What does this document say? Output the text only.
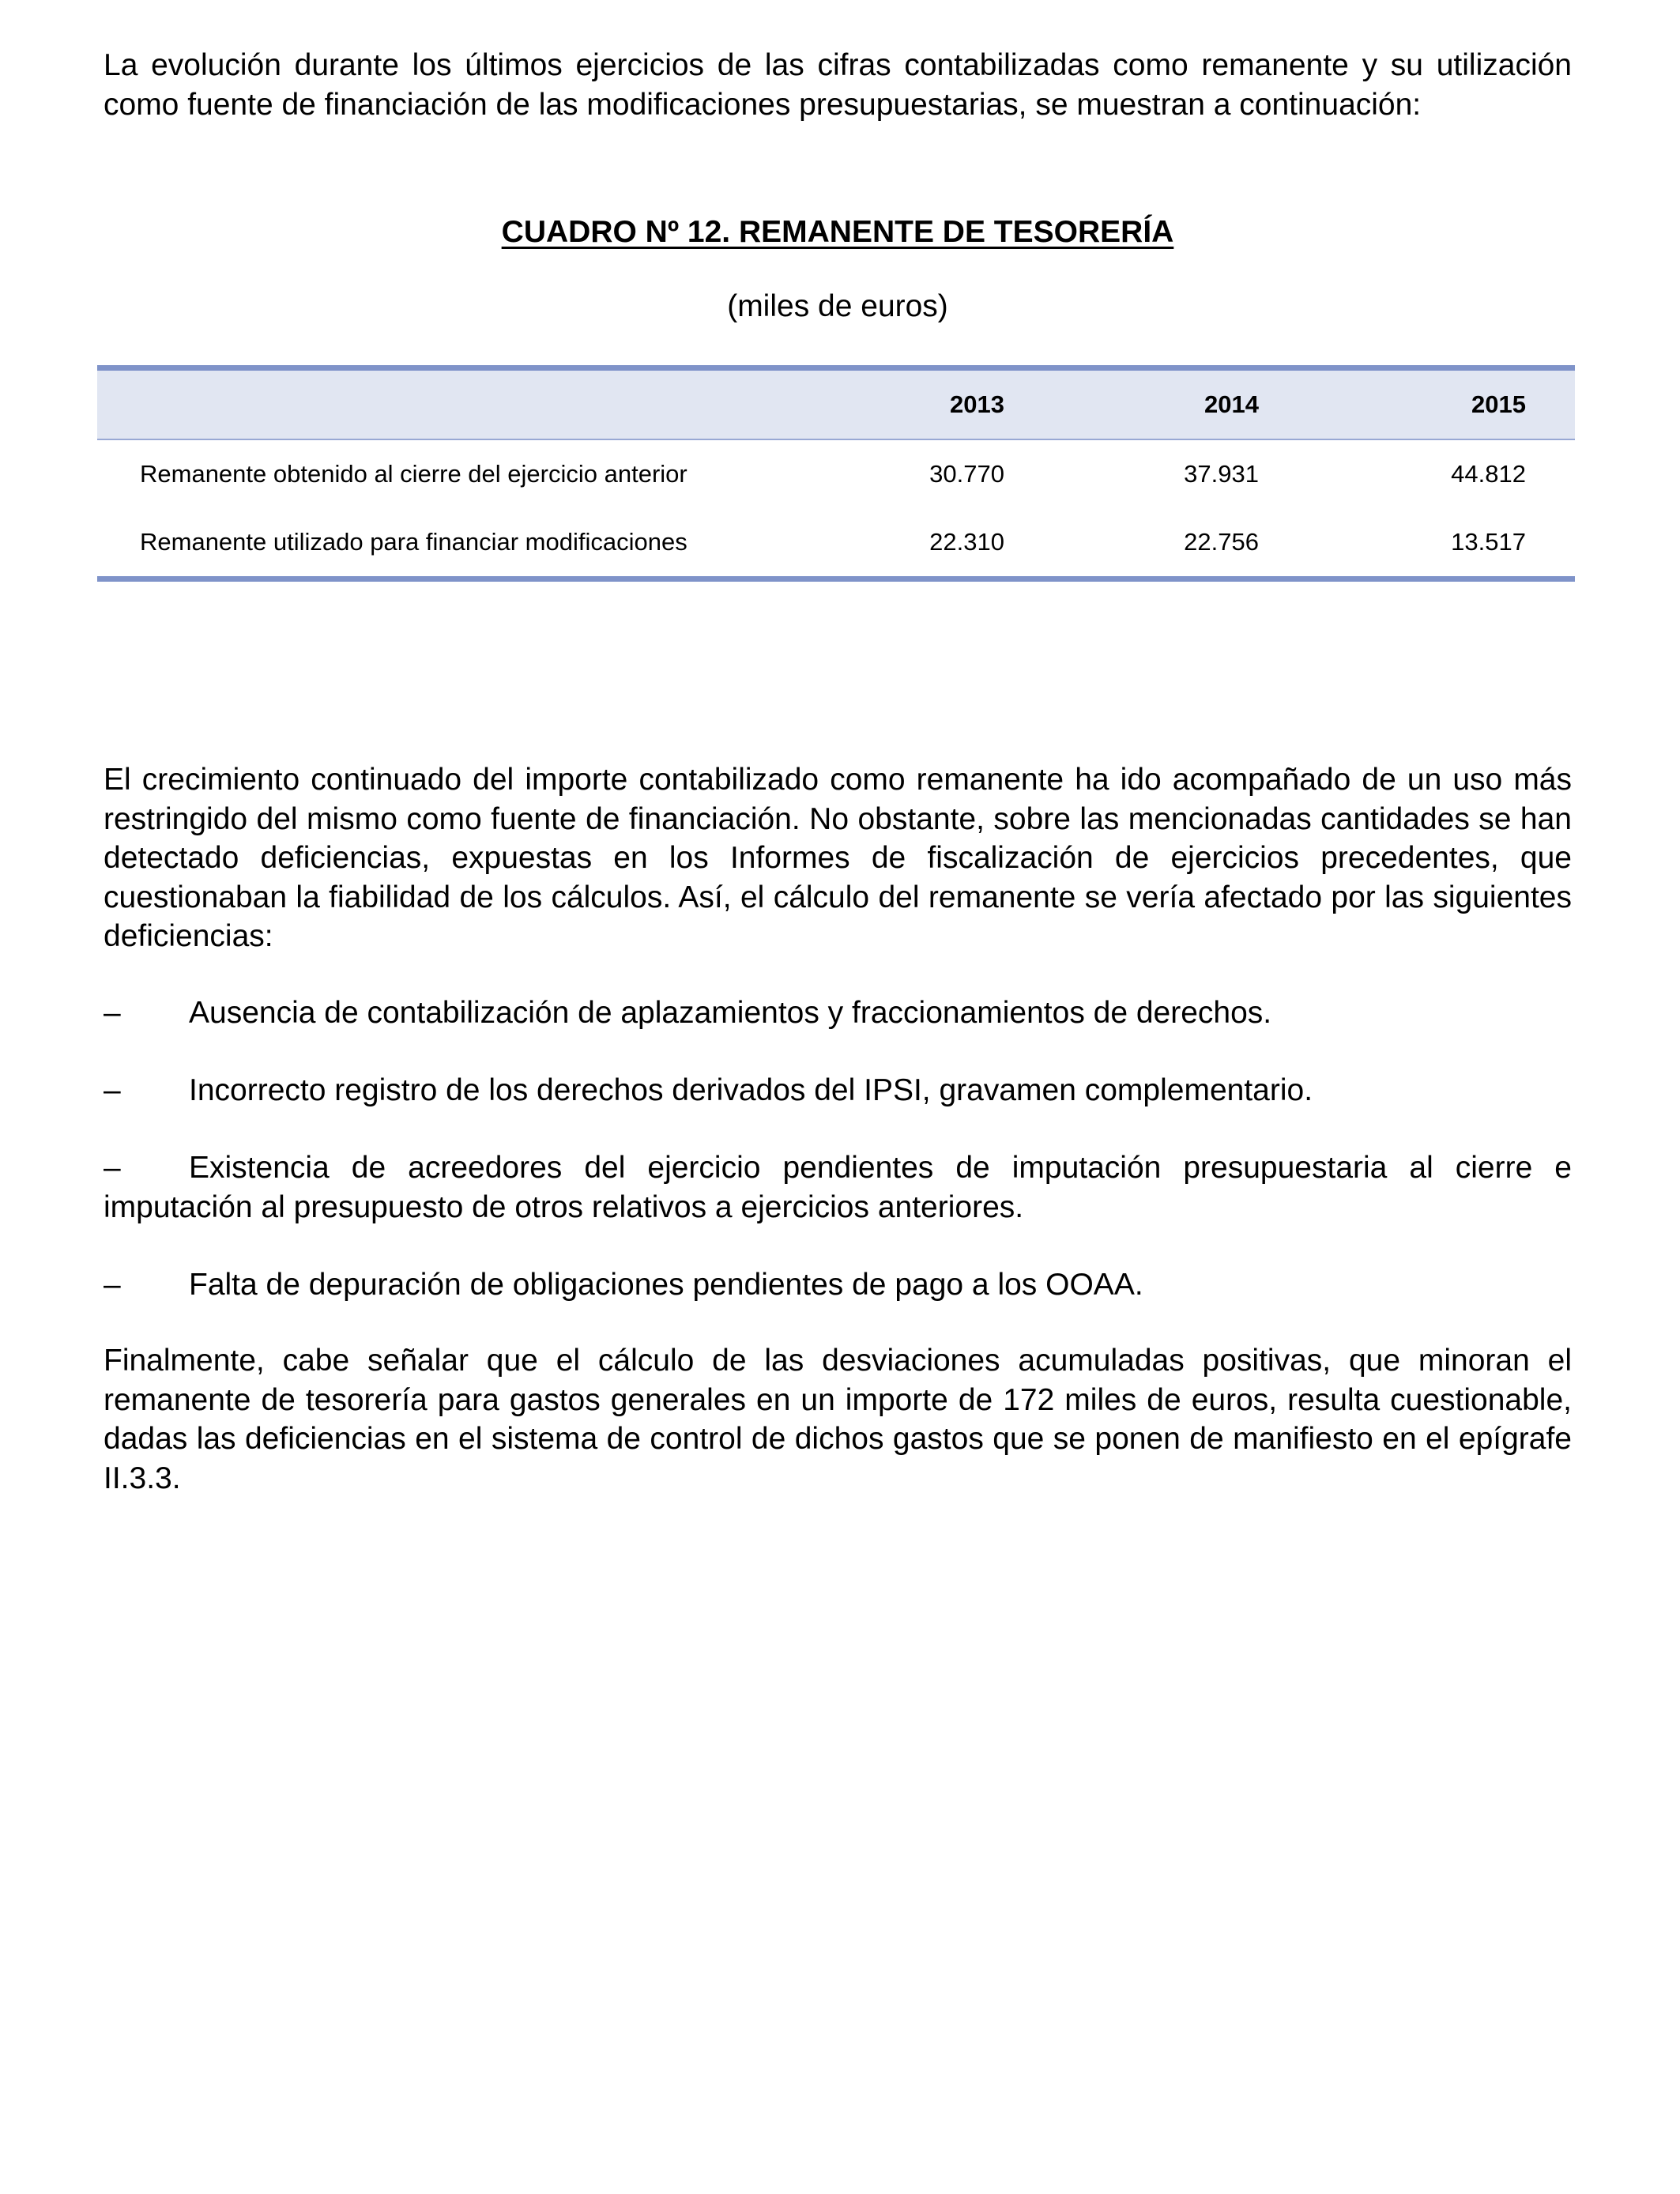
La evolución durante los últimos ejercicios de las cifras contabilizadas como remanente y su utilización como fuente de financiación de las modificaciones presupuestarias, se muestran a continuación:

CUADRO Nº 12. REMANENTE DE TESORERÍA
(miles de euros)
2013	2014	2015
Remanente obtenido al cierre del ejercicio anterior	30.770	37.931	44.812
Remanente utilizado para financiar modificaciones	22.310	22.756	13.517

El crecimiento continuado del importe contabilizado como remanente ha ido acompañado de un uso más restringido del mismo como fuente de financiación. No obstante, sobre las mencionadas cantidades se han detectado deficiencias, expuestas en los Informes de fiscalización de ejercicios precedentes, que cuestionaban la fiabilidad de los cálculos. Así, el cálculo del remanente se vería afectado por las siguientes deficiencias:

–	Ausencia de contabilización de aplazamientos y fraccionamientos de derechos.
–	Incorrecto registro de los derechos derivados del IPSI, gravamen complementario.
–	Existencia de acreedores del ejercicio pendientes de imputación presupuestaria al cierre e imputación al presupuesto de otros relativos a ejercicios anteriores.
–	Falta de depuración de obligaciones pendientes de pago a los OOAA.

Finalmente, cabe señalar que el cálculo de las desviaciones acumuladas positivas, que minoran el remanente de tesorería para gastos generales en un importe de 172 miles de euros, resulta cuestionable, dadas las deficiencias en el sistema de control de dichos gastos que se ponen de manifiesto en el epígrafe II.3.3.
